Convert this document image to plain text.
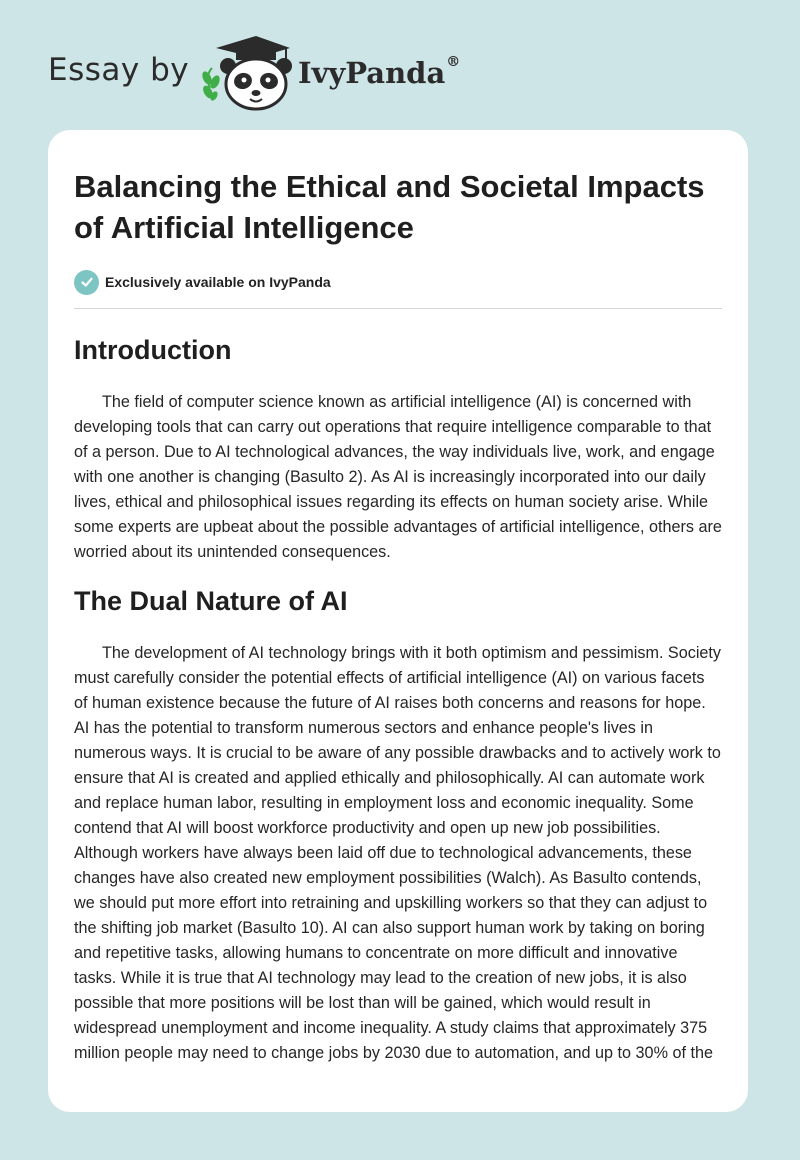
Essay by	IvyPanda®
Balancing the Ethical and Societal Impacts of Artificial Intelligence
Exclusively available on IvyPanda
Introduction

The field of computer science known as artificial intelligence (AI) is concerned with developing tools that can carry out operations that require intelligence comparable to that of a person. Due to AI technological advances, the way individuals live, work, and engage with one another is changing (Basulto 2). As AI is increasingly incorporated into our daily lives, ethical and philosophical issues regarding its effects on human society arise. While some experts are upbeat about the possible advantages of artificial intelligence, others are worried about its unintended consequences.

The Dual Nature of AI

The development of AI technology brings with it both optimism and pessimism. Society must carefully consider the potential effects of artificial intelligence (AI) on various facets of human existence because the future of AI raises both concerns and reasons for hope. AI has the potential to transform numerous sectors and enhance people's lives in numerous ways. It is crucial to be aware of any possible drawbacks and to actively work to ensure that AI is created and applied ethically and philosophically. AI can automate work and replace human labor, resulting in employment loss and economic inequality. Some contend that AI will boost workforce productivity and open up new job possibilities. Although workers have always been laid off due to technological advancements, these changes have also created new employment possibilities (Walch). As Basulto contends, we should put more effort into retraining and upskilling workers so that they can adjust to the shifting job market (Basulto 10). AI can also support human work by taking on boring and repetitive tasks, allowing humans to concentrate on more difficult and innovative tasks. While it is true that AI technology may lead to the creation of new jobs, it is also possible that more positions will be lost than will be gained, which would result in widespread unemployment and income inequality. A study claims that approximately 375 million people may need to change jobs by 2030 due to automation, and up to 30% of the
